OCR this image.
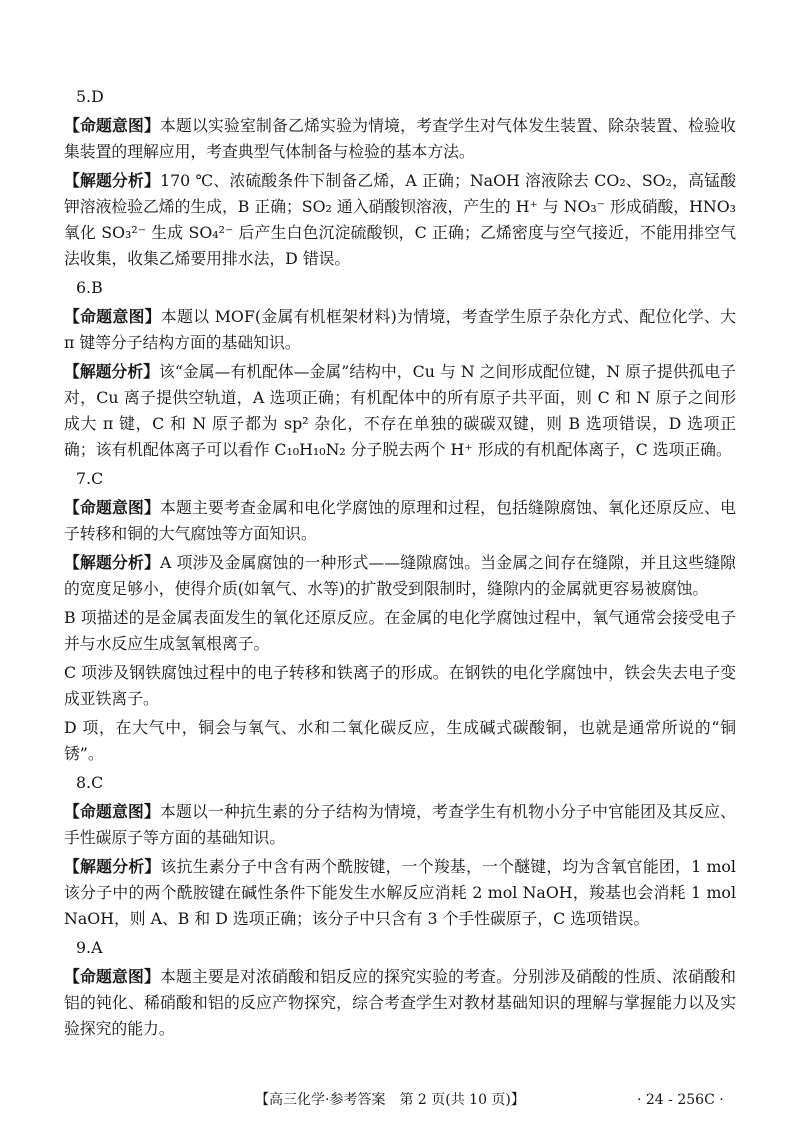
5.D

【命题意图】本题以实验室制备乙烯实验为情境，考查学生对气体发生装置、除杂装置、检验收集装置的理解应用，考查典型气体制备与检验的基本方法。

【解题分析】170 ℃、浓硫酸条件下制备乙烯，A 正确；NaOH 溶液除去 CO₂、SO₂，高锰酸钾溶液检验乙烯的生成，B 正确；SO₂ 通入硝酸钡溶液，产生的 H⁺ 与 NO₃⁻ 形成硝酸，HNO₃ 氧化 SO₃²⁻ 生成 SO₄²⁻ 后产生白色沉淀硫酸钡，C 正确；乙烯密度与空气接近，不能用排空气法收集，收集乙烯要用排水法，D 错误。

6.B

【命题意图】本题以 MOF(金属有机框架材料)为情境，考查学生原子杂化方式、配位化学、大 π 键等分子结构方面的基础知识。

【解题分析】该“金属—有机配体—金属”结构中，Cu 与 N 之间形成配位键，N 原子提供孤电子对，Cu 离子提供空轨道，A 选项正确；有机配体中的所有原子共平面，则 C 和 N 原子之间形成大 π 键，C 和 N 原子都为 sp² 杂化，不存在单独的碳碳双键，则 B 选项错误，D 选项正确；该有机配体离子可以看作 C₁₀H₁₀N₂ 分子脱去两个 H⁺ 形成的有机配体离子，C 选项正确。

7.C

【命题意图】本题主要考查金属和电化学腐蚀的原理和过程，包括缝隙腐蚀、氧化还原反应、电子转移和铜的大气腐蚀等方面知识。

【解题分析】A 项涉及金属腐蚀的一种形式——缝隙腐蚀。当金属之间存在缝隙，并且这些缝隙的宽度足够小，使得介质(如氧气、水等)的扩散受到限制时，缝隙内的金属就更容易被腐蚀。

B 项描述的是金属表面发生的氧化还原反应。在金属的电化学腐蚀过程中，氧气通常会接受电子并与水反应生成氢氧根离子。

C 项涉及钢铁腐蚀过程中的电子转移和铁离子的形成。在钢铁的电化学腐蚀中，铁会失去电子变成亚铁离子。

D 项，在大气中，铜会与氧气、水和二氧化碳反应，生成碱式碳酸铜，也就是通常所说的“铜锈”。

8.C

【命题意图】本题以一种抗生素的分子结构为情境，考查学生有机物小分子中官能团及其反应、手性碳原子等方面的基础知识。

【解题分析】该抗生素分子中含有两个酰胺键，一个羧基，一个醚键，均为含氧官能团，1 mol 该分子中的两个酰胺键在碱性条件下能发生水解反应消耗 2 mol NaOH，羧基也会消耗 1 mol NaOH，则 A、B 和 D 选项正确；该分子中只含有 3 个手性碳原子，C 选项错误。

9.A

【命题意图】本题主要是对浓硝酸和铝反应的探究实验的考查。分别涉及硝酸的性质、浓硝酸和铝的钝化、稀硝酸和铝的反应产物探究，综合考查学生对教材基础知识的理解与掌握能力以及实验探究的能力。

【高三化学·参考答案　第 2 页(共 10 页)】	· 24 - 256C ·
